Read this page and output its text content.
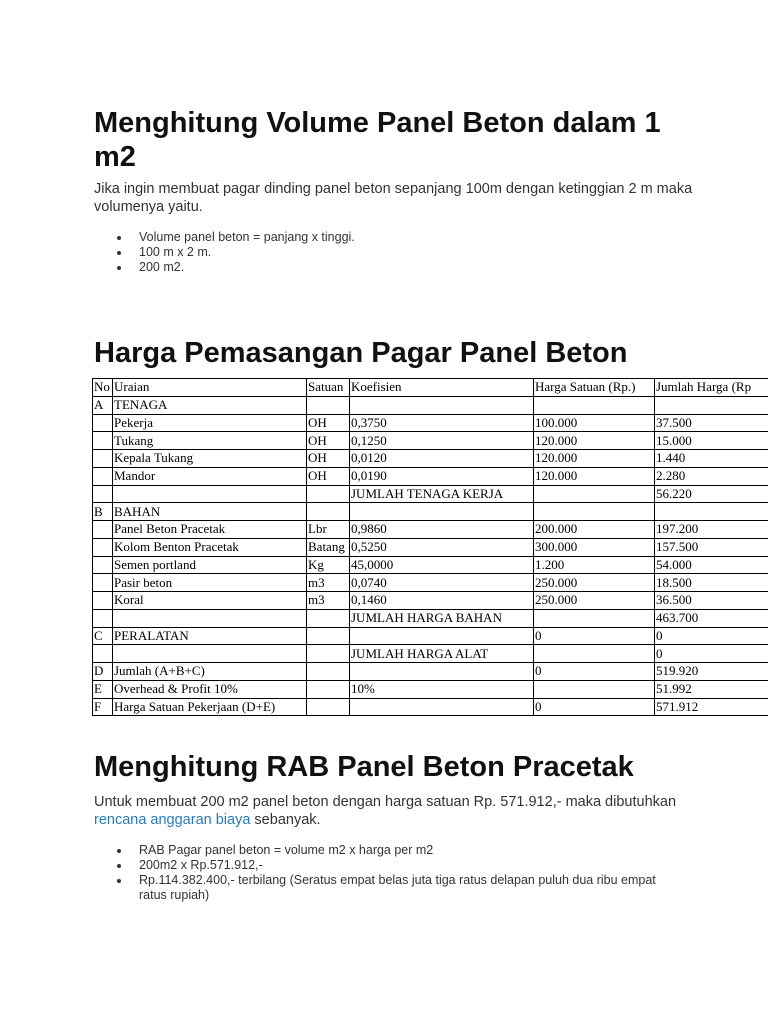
Menghitung Volume Panel Beton dalam 1 m2

Jika ingin membuat pagar dinding panel beton sepanjang 100m dengan ketinggian 2 m maka volumenya yaitu.

Volume panel beton = panjang x tinggi.
100 m x 2 m.
200 m2.
Harga Pemasangan Pagar Panel Beton
No	Uraian	Satuan	Koefisien	Harga Satuan (Rp.)	Jumlah Harga (Rp
A	TENAGA				
	Pekerja	OH	0,3750	100.000	37.500
	Tukang	OH	0,1250	120.000	15.000
	Kepala Tukang	OH	0,0120	120.000	1.440
	Mandor	OH	0,0190	120.000	2.280
			JUMLAH TENAGA KERJA		56.220
B	BAHAN				
	Panel Beton Pracetak	Lbr	0,9860	200.000	197.200
	Kolom Benton Pracetak	Batang	0,5250	300.000	157.500
	Semen portland	Kg	45,0000	1.200	54.000
	Pasir beton	m3	0,0740	250.000	18.500
	Koral	m3	0,1460	250.000	36.500
			JUMLAH HARGA BAHAN		463.700
C	PERALATAN			0	0
			JUMLAH HARGA ALAT		0
D	Jumlah (A+B+C)			0	519.920
E	Overhead & Profit 10%		10%		51.992
F	Harga Satuan Pekerjaan (D+E)			0	571.912
Menghitung RAB Panel Beton Pracetak

Untuk membuat 200 m2 panel beton dengan harga satuan Rp. 571.912,- maka dibutuhkan rencana anggaran biaya sebanyak.

RAB Pagar panel beton = volume m2 x harga per m2
200m2 x Rp.571.912,-
Rp.114.382.400,- terbilang (Seratus empat belas juta tiga ratus delapan puluh dua ribu empat ratus rupiah)
